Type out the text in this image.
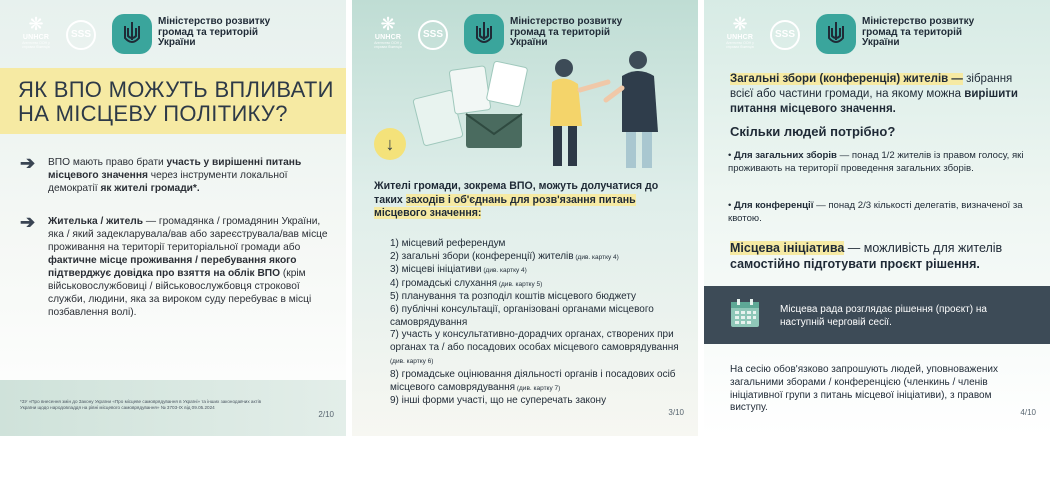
❋
UNHCR
Агентство ООН у справах біженців
SSS
Міністерство розвитку громад та територій України
ЯК ВПО МОЖУТЬ ВПЛИВАТИ НА МІСЦЕВУ ПОЛІТИКУ?
➔ ВПО мають право брати участь у вирішенні питань місцевого значення через інструменти локальної демократії як жителі громади*.
➔ Жителька / житель — громадянка / громадянин України, яка / який задекларувала/вав або зареєструвала/вав місце проживання на території територіальної громади або фактичне місце проживання / перебування якого підтверджує довідка про взяття на облік ВПО (крім військовослужбовиці / військовослужбовця строкової служби, людини, яка за вироком суду перебуває в місці позбавлення волі).
*ЗУ «Про внесення змін до Закону України «Про місцеве самоврядування в Україні» та інших законодавчих актів України щодо народовладдя на рівні місцевого самоврядування» № 3703-IX від 09.05.2024
2/10
❋
UNHCR
Агентство ООН у справах біженців
SSS
Міністерство розвитку громад та територій України
↓
Жителі громади, зокрема ВПО, можуть долучатися до таких заходів і об'єднань для розв'язання питань місцевого значення:
1) місцевий референдум
2) загальні збори (конференції) жителів (див. картку 4)
3) місцеві ініціативи (див. картку 4)
4) громадські слухання (див. картку 5)
5) планування та розподіл коштів місцевого бюджету
6) публічні консультації, організовані органами місцевого самоврядування
7) участь у консультативно-дорадчих органах, створених при органах та / або посадових особах місцевого самоврядування (див. картку 6)
8) громадське оцінювання діяльності органів і посадових осіб місцевого самоврядування (див. картку 7)
9) інші форми участі, що не суперечать закону
3/10
❋
UNHCR
Агентство ООН у справах біженців
SSS
Міністерство розвитку громад та територій України
Загальні збори (конференція) жителів — зібрання всієї або частини громади, на якому можна вирішити питання місцевого значення.
Скільки людей потрібно?
• Для загальних зборів — понад 1/2 жителів із правом голосу, які проживають на території проведення загальних зборів.
• Для конференції — понад 2/3 кількості делегатів, визначеної за квотою.
Місцева ініціатива — можливість для жителів самостійно підготувати проєкт рішення.
Місцева рада розглядає рішення (проєкт) на наступній черговій сесії.
На сесію обов'язково запрошують людей, уповноважених загальними зборами / конференцією (членкинь / членів ініціативної групи з питань місцевої ініціативи), з правом виступу.	4/10
